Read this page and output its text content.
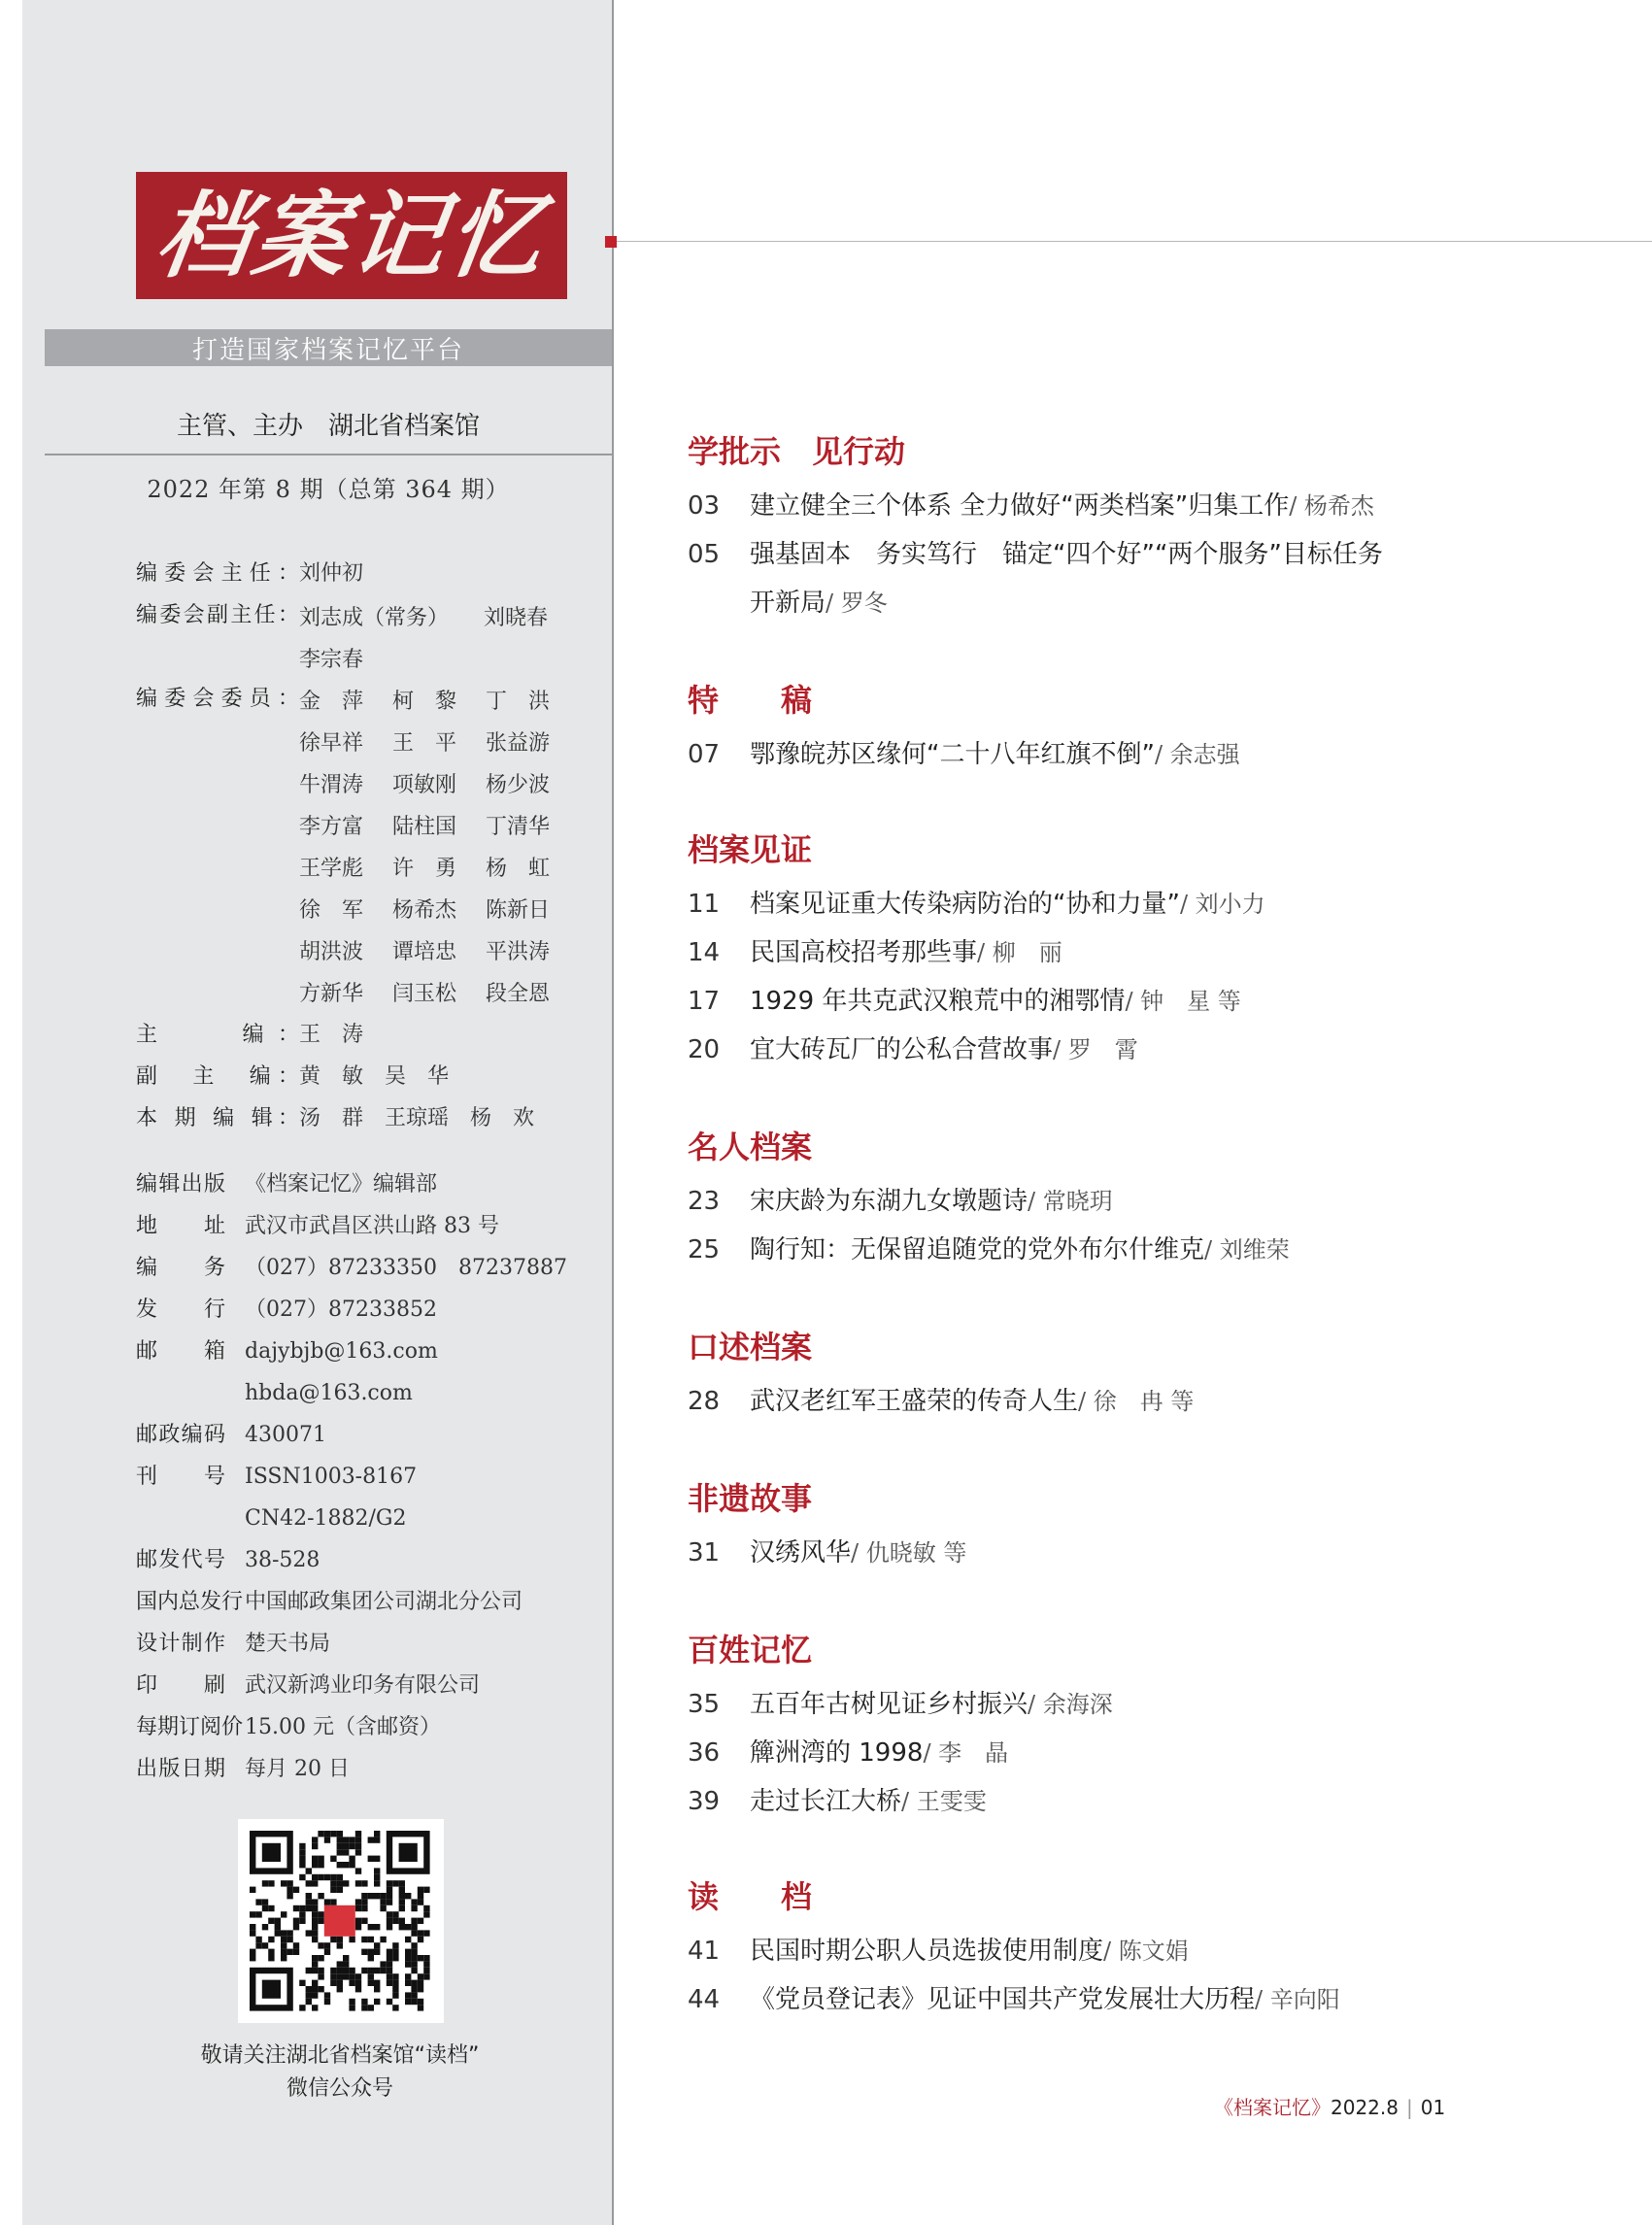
档案记忆
打造国家档案记忆平台
主管、主办　湖北省档案馆
2022 年第 8 期（总第 364 期）
编委会主任：刘仲初
编委会副主任： 刘志成（常务） 刘晓春
李宗春
编委会委员： 金　萍 柯　黎 丁　洪
徐早祥 王　平 张益游
牛渭涛 项敏刚 杨少波
李方富 陆柱国 丁清华
王学彪 许　勇 杨　虹
徐　军 杨希杰 陈新日
胡洪波 谭培忠 平洪涛
方新华 闫玉松 段全恩
主　　编：王　涛
副　主　编：黄　敏　吴　华
本 期 编 辑：汤　群　王琼瑶　杨　欢
编辑出版 《档案记忆》编辑部
地　　址 武汉市武昌区洪山路 83 号
编　　务 （027）87233350　87237887
发　　行 （027）87233852
邮　　箱 dajybjb@163.com
hbda@163.com
邮政编码 430071
刊　　号 ISSN1003-8167
CN42-1882/G2
邮发代号 38-528
国内总发行中国邮政集团公司湖北分公司
设计制作 楚天书局
印　　刷 武汉新鸿业印务有限公司
每期订阅价15.00 元（含邮资）
出版日期 每月 20 日
敬请关注湖北省档案馆“读档”
微信公众号
学批示　见行动
03 建立健全三个体系 全力做好“两类档案”归集工作/ 杨希杰
05 强基固本　务实笃行　锚定“四个好”“两个服务”目标任务
开新局/ 罗冬
特　　稿
07 鄂豫皖苏区缘何“二十八年红旗不倒”/ 余志强
档案见证
11 档案见证重大传染病防治的“协和力量”/ 刘小力
14 民国高校招考那些事/ 柳　丽
17 1929 年共克武汉粮荒中的湘鄂情/ 钟　星 等
20 宜大砖瓦厂的公私合营故事/ 罗　霄
名人档案
23 宋庆龄为东湖九女墩题诗/ 常晓玥
25 陶行知：无保留追随党的党外布尔什维克/ 刘维荣
口述档案
28 武汉老红军王盛荣的传奇人生/ 徐　冉 等
非遗故事
31 汉绣风华/ 仇晓敏 等
百姓记忆
35 五百年古树见证乡村振兴/ 余海深
36 簰洲湾的 1998/ 李　晶
39 走过长江大桥/ 王雯雯
读　　档
41 民国时期公职人员选拔使用制度/ 陈文娟
44 《党员登记表》见证中国共产党发展壮大历程/ 辛向阳
《档案记忆》2022.8 | 01
